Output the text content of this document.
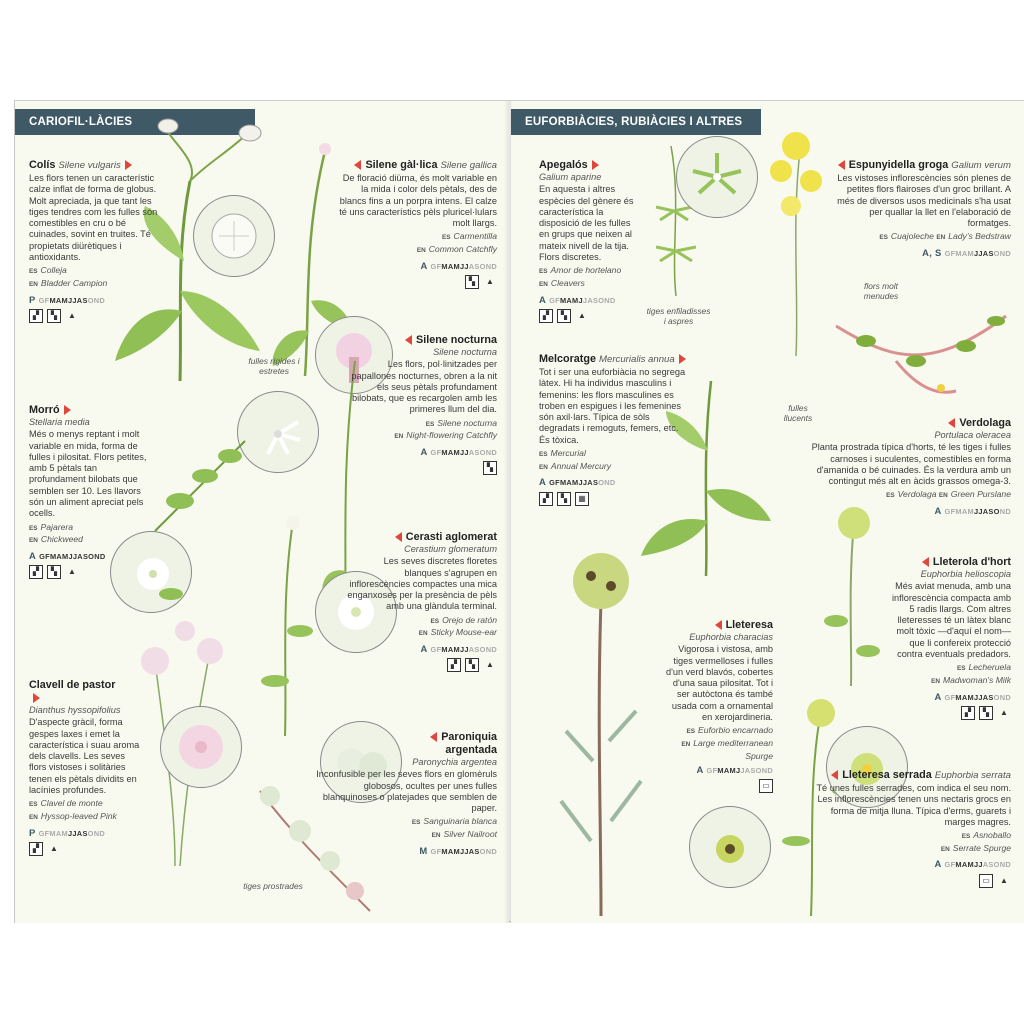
CARIOFIL·LÀCIES
Colís Silene vulgaris
Les flors tenen un característic calze inflat de forma de globus. Molt apreciada, ja que tant les tiges tendres com les fulles són comestibles en cru o bé cuinades, sovint en truites. Té propietats diürètiques i antioxidants.
ES Colleja
EN Bladder Campion
P GFMAMJJASOND
▞	▚	▲
Silene gàl·lica Silene gallica
De floració diürna, és molt variable en la mida i color dels pètals, des de blancs fins a un porpra intens. El calze té uns característics pèls pluricel·lulars molt llargs.
ES Carmentilla
EN Common Catchfly
A GFMAMJJASOND
▚	▲
Silene nocturna
Silene nocturna
Les flors, pol·linitzades per papallones nocturnes, obren a la nit els seus pètals profundament bilobats, que es recargolen amb les primeres llum del dia.
ES Silene nocturna
EN Night-flowering Catchfly
A GFMAMJJASOND
▚
Morró
Stellaria media
Més o menys reptant i molt variable en mida, forma de fulles i pilositat. Flors petites, amb 5 pètals tan profundament bilobats que semblen ser 10. Les llavors són un aliment apreciat pels ocells.
ES Pajarera
EN Chickweed
A GFMAMJJASOND
▞	▚	▲
Cerasti aglomerat
Cerastium glomeratum
Les seves discretes floretes blanques s'agrupen en inflorescències compactes una mica enganxoses per la presència de pèls amb una glàndula terminal.
ES Orejo de ratón
EN Sticky Mouse-ear
A GFMAMJJASOND
▞	▚	▲
Clavell de pastor
Dianthus hyssopifolius
D'aspecte gràcil, forma gespes laxes i emet la característica i suau aroma dels clavells. Les seves flors vistoses i solitàries tenen els pètals dividits en lacínies profundes.
ES Clavel de monte
EN Hyssop-leaved Pink
P GFMAMJJASOND
▞	▲
Paroniquia argentada
Paronychia argentea
Inconfusible per les seves flors en glomèruls globosos, ocultes per unes fulles blanquinoses o platejades que semblen de paper.
ES Sanguinaria blanca
EN Silver Nailroot
M GFMAMJJASOND
fulles rígides i estretes
tiges prostrades
EUFORBIÀCIES, RUBIÀCIES I ALTRES
Apegalós
Galium aparine
En aquesta i altres espècies del gènere és característica la disposició de les fulles en grups que neixen al mateix nivell de la tija. Flors discretes.
ES Amor de hortelano
EN Cleavers
A GFMAMJJASOND
▞	▚	▲
Espunyidella groga Galium verum
Les vistoses inflorescències són plenes de petites flors flairoses d'un groc brillant. A més de diversos usos medicinals s'ha usat per quallar la llet en l'elaboració de formatges.
ES Cuajoleche EN Lady's Bedstraw
A, S GFMAMJJASOND
Melcoratge Mercurialis annua
Tot i ser una euforbiàcia no segrega làtex. Hi ha individus masculins i femenins: les flors masculines es troben en espigues i les femenines són axil·lars. Típica de sòls degradats i remoguts, femers, etc. És tòxica.
ES Mercurial
EN Annual Mercury
A GFMAMJJASOND
▞	▚	▦
Verdolaga
Portulaca oleracea
Planta prostrada típica d'horts, té les tiges i fulles carnoses i suculentes, comestibles en forma d'amanida o bé cuinades. És la verdura amb un contingut més alt en àcids grassos omega-3.
ES Verdolaga EN Green Purslane
A GFMAMJJASOND
Lleteresa
Euphorbia characias
Vigorosa i vistosa, amb tiges vermelloses i fulles d'un verd blavós, cobertes d'una saua pilositat. Tot i ser autòctona és també usada com a ornamental en xerojardineria.
ES Euforbio encarnado
EN Large mediterranean Spurge
A GFMAMJJASOND
▭
Lleterola d'hort
Euphorbia helioscopia
Més aviat menuda, amb una inflorescència compacta amb 5 radis llargs. Com altres lleteresses té un làtex blanc molt tòxic —d'aquí el nom— que li confereix protecció contra eventuals predadors.
ES Lecheruela
EN Madwoman's Milk
A GFMAMJJASOND
▞	▚	▲
Lleteresa serrada Euphorbia serrata
Té unes fulles serrades, com indica el seu nom. Les inflorescències tenen uns nectaris grocs en forma de mitja lluna. Típica d'erms, guarets i marges magres.
ES Asnoballo
EN Serrate Spurge
A GFMAMJJASOND
▭	▲
tiges enfiladisses i aspres
flors molt menudes
fulles llucents
